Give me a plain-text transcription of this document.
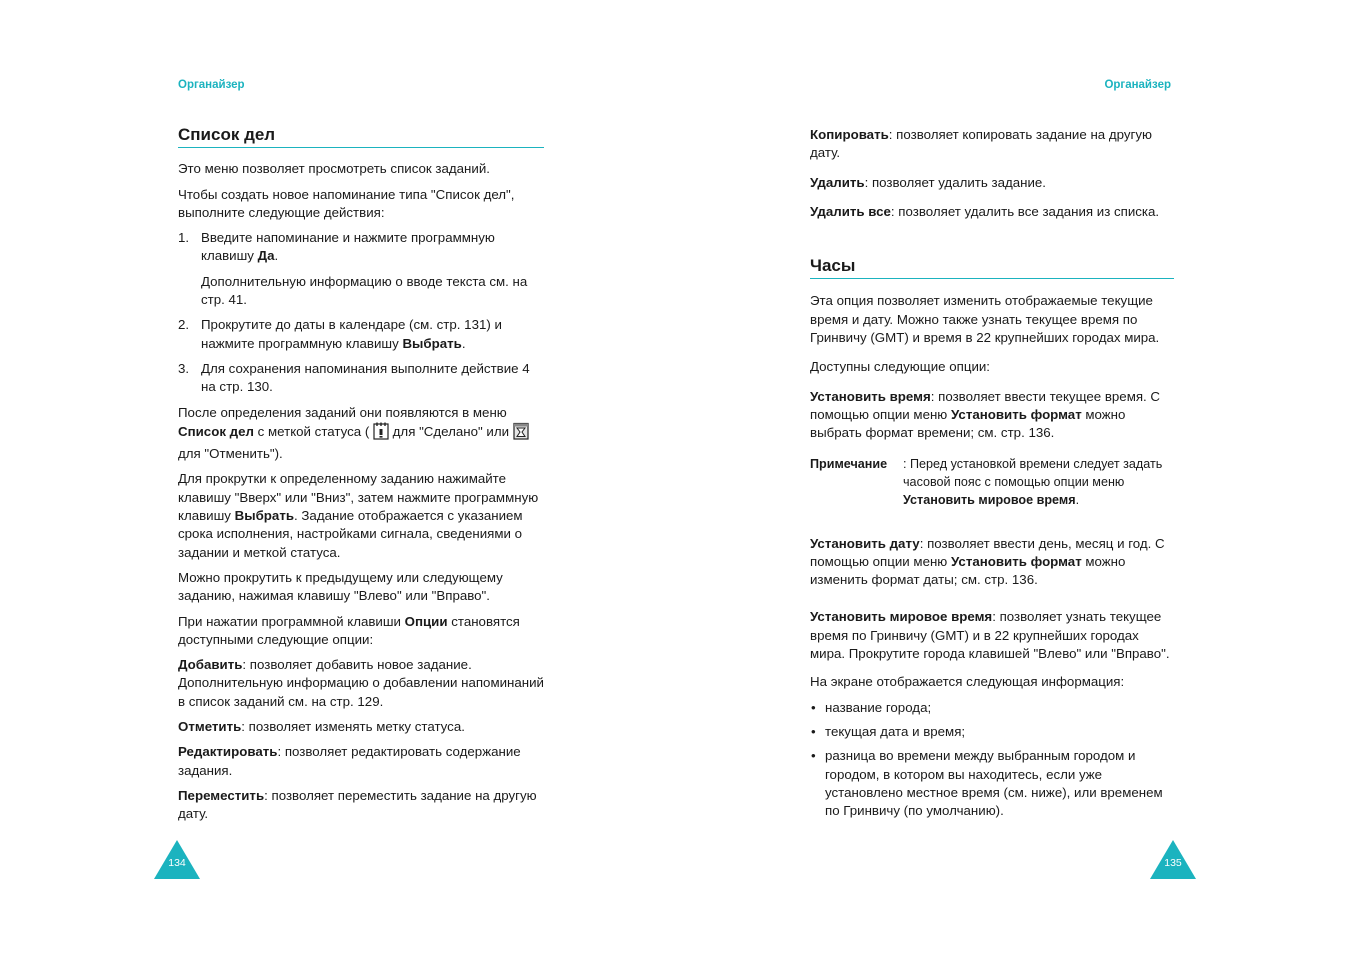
Органайзер
Список дел

Это меню позволяет просмотреть список заданий.

Чтобы создать новое напоминание типа "Список дел", выполните следующие действия:

1. Введите напоминание и нажмите программную клавишу Да.
Дополнительную информацию о вводе текста см. на стр. 41.
2. Прокрутите до даты в календаре (см. стр. 131) и нажмите программную клавишу Выбрать.
3. Для сохранения напоминания выполните действие 4 на стр. 130.

После определения заданий они появляются в меню Список дел с меткой статуса (  для "Сделано" или  для "Отменить").

Для прокрутки к определенному заданию нажимайте клавишу "Вверх" или "Вниз", затем нажмите программную клавишу Выбрать. Задание отображается с указанием срока исполнения, настройками сигнала, сведениями о задании и меткой статуса.

Можно прокрутить к предыдущему или следующему заданию, нажимая клавишу "Влево" или "Вправо".

При нажатии программной клавиши Опции становятся доступными следующие опции:

Добавить: позволяет добавить новое задание. Дополнительную информацию о добавлении напоминаний в список заданий см. на стр. 129.

Отметить: позволяет изменять метку статуса.

Редактировать: позволяет редактировать содержание задания.

Переместить: позволяет переместить задание на другую дату.

134
Органайзер

Копировать: позволяет копировать задание на другую дату.

Удалить: позволяет удалить задание.

Удалить все: позволяет удалить все задания из списка.

Часы

Эта опция позволяет изменить отображаемые текущие время и дату. Можно также узнать текущее время по Гринвичу (GMT) и время в 22 крупнейших городах мира.

Доступны следующие опции:

Установить время: позволяет ввести текущее время. С помощью опции меню Установить формат можно выбрать формат времени; см. стр. 136.

Примечание : Перед установкой времени следует задать часовой пояс с помощью опции меню Установить мировое время.

Установить дату: позволяет ввести день, месяц и год. С помощью опции меню Установить формат можно изменить формат даты; см. стр. 136.

Установить мировое время: позволяет узнать текущее время по Гринвичу (GMT) и в 22 крупнейших городах мира. Прокрутите города клавишей "Влево" или "Вправо".

На экране отображается следующая информация:

• название города;
• текущая дата и время;
• разница во времени между выбранным городом и городом, в котором вы находитесь, если уже установлено местное время (см. ниже), или временем по Гринвичу (по умолчанию).
135
